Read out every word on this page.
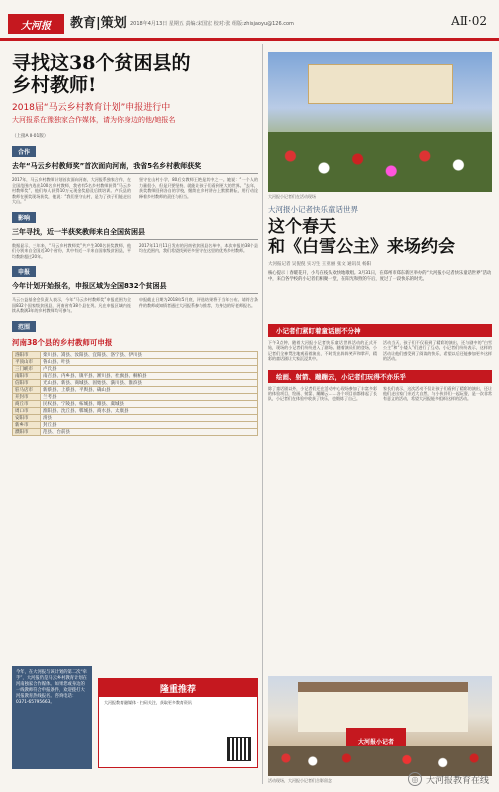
大河报	教育|策划 2018年4月13日 星期五 责编:宋国宏 校对:张 组版:zhisjaoyu@126.com	AⅡ·02
寻找这38个贫困县的
乡村教师!
2018届“马云乡村教育计划”申报进行中
大河报系在豫独家合作媒体，请为你身边的他/她报名
（上接A Ⅱ·01版）
合作
去年“马云乡村教师奖”首次面向河南，我省5名乡村教师获奖

2017年，马云乡村教师计划首次面向河南，大河报系独家合作，在全国范围内选出100名乡村教师，我省有5名乡村教师获得“马云乡村教师奖”，他们每人获得10万元现金奖励及后续培训。卢氏县的教师在颁奖现场获奖，他说：“我们坚守山村，是为了孩子们能走出大山。”

坚守在山村小学，80后女教师王艳是其中之一。她说：“一个人的力量很小，但是只要坚持，就能让孩子们看到更大的世界。”去年，获奖教师回到各自的学校，继续在乡村讲台上默默耕耘，用行动诠释着乡村教师的责任与担当。

影响
三年寻找，近一半获奖教师来自全国贫困县

数据显示，三年来，“马云乡村教师奖”共产生300名获奖教师，他们分别来自全国近30个省份，其中有近一半来自国家级贫困县，平均教龄超过20年。

2017年11月11日发布的河南省贫困县名单中，本次申报的38个县均在范围内，我们希望找到更多坚守在这里的优秀乡村教师。

申报
今年计划开始报名，申报区域为全国832个贫困县

马云公益基金会负责人表示，今年“马云乡村教师奖”申报范围为全国832个国家级贫困县，河南省有38个县在列。凡在申报区域内连续从教满3年的乡村教师均可参与。

申报截止日期为2018年5月底，评选结果将于当年公布。请符合条件的教师或知情者通过大河报系参与推荐，为身边的好老师报名。

范围
河南38个县的乡村教师可申报
洛阳市	栾川县、嵩县、汝阳县、宜阳县、洛宁县、伊川县
平顶山市	鲁山县、叶县
三门峡市	卢氏县
南阳市	南召县、内乡县、镇平县、淅川县、社旗县、桐柏县
信阳市	光山县、新县、商城县、固始县、潢川县、淮滨县
驻马店市	新蔡县、上蔡县、平舆县、确山县
开封市	兰考县
商丘市	民权县、宁陵县、柘城县、睢县、虞城县
周口市	淮阳县、沈丘县、郸城县、商水县、太康县
安阳市	滑县
新乡市	封丘县
濮阳市	范县、台前县
今年，在大河报与该计划的第二次“牵手”，大河报仍是马云乡村教育计划在河南独家合作媒体。如果您或身边的一线教师符合申报条件，欢迎拨打大河报教育热线报名。咨询电话：0371-65795663。
隆重推荐
大河报教育融媒体 · 扫码关注，获取更多教育资讯
大河报小记者们在活动现场
大河报小记者快乐童话世界
这个春天
和《白雪公主》来场约会
大河报记者 吴倪倪 实习生 王亚丽 张文 通讯员 杨阳
核心提示｜春暖花开，小鸟在枝头欢快地歌唱。3月31日，在郑州市郑东新区举办的“大河报小记者快乐童话世界”活动中，来自各学校的小记者们相聚一堂，在阳光和煦的午后，度过了一段快乐的时光。
小记者们紧盯着童话剧不分神

下午3点钟，随着大河报小记者快乐童话世界活动的正式开始，现场的小记者们纷纷进入了剧场。随着演员们的登场，小记者们全神贯注地观看着演出，不时发出阵阵笑声和掌声，精彩的童话剧让大家沉浸其中。

活动当天，孩子们不仅看到了精彩的演出，还与剧中的“白雪公主”和“小矮人”们进行了互动。小记者们纷纷表示，这样的活动让他们感受到了阅读的快乐，希望以后还能参加更多这样的活动。

绘画、射箭、蹦蹦云，小记者们玩得不亦乐乎

除了童话剧以外，小记者们还在活动中心现场参加了丰富多彩的体验项目，绘画、射箭、蹦蹦云……各个项目前都排起了长队，小记者们在体验中收获了快乐，也锻炼了自己。

家长们表示，这次活动不仅让孩子们看到了精彩的演出，还让他们走出家门亲近大自然，与小伙伴们一起玩耍，是一次非常有意义的活动，希望大河报能多组织这样的活动。

大河报小记者
活动现场，大河报小记者们合影留念	◎ 大河报教育在线
